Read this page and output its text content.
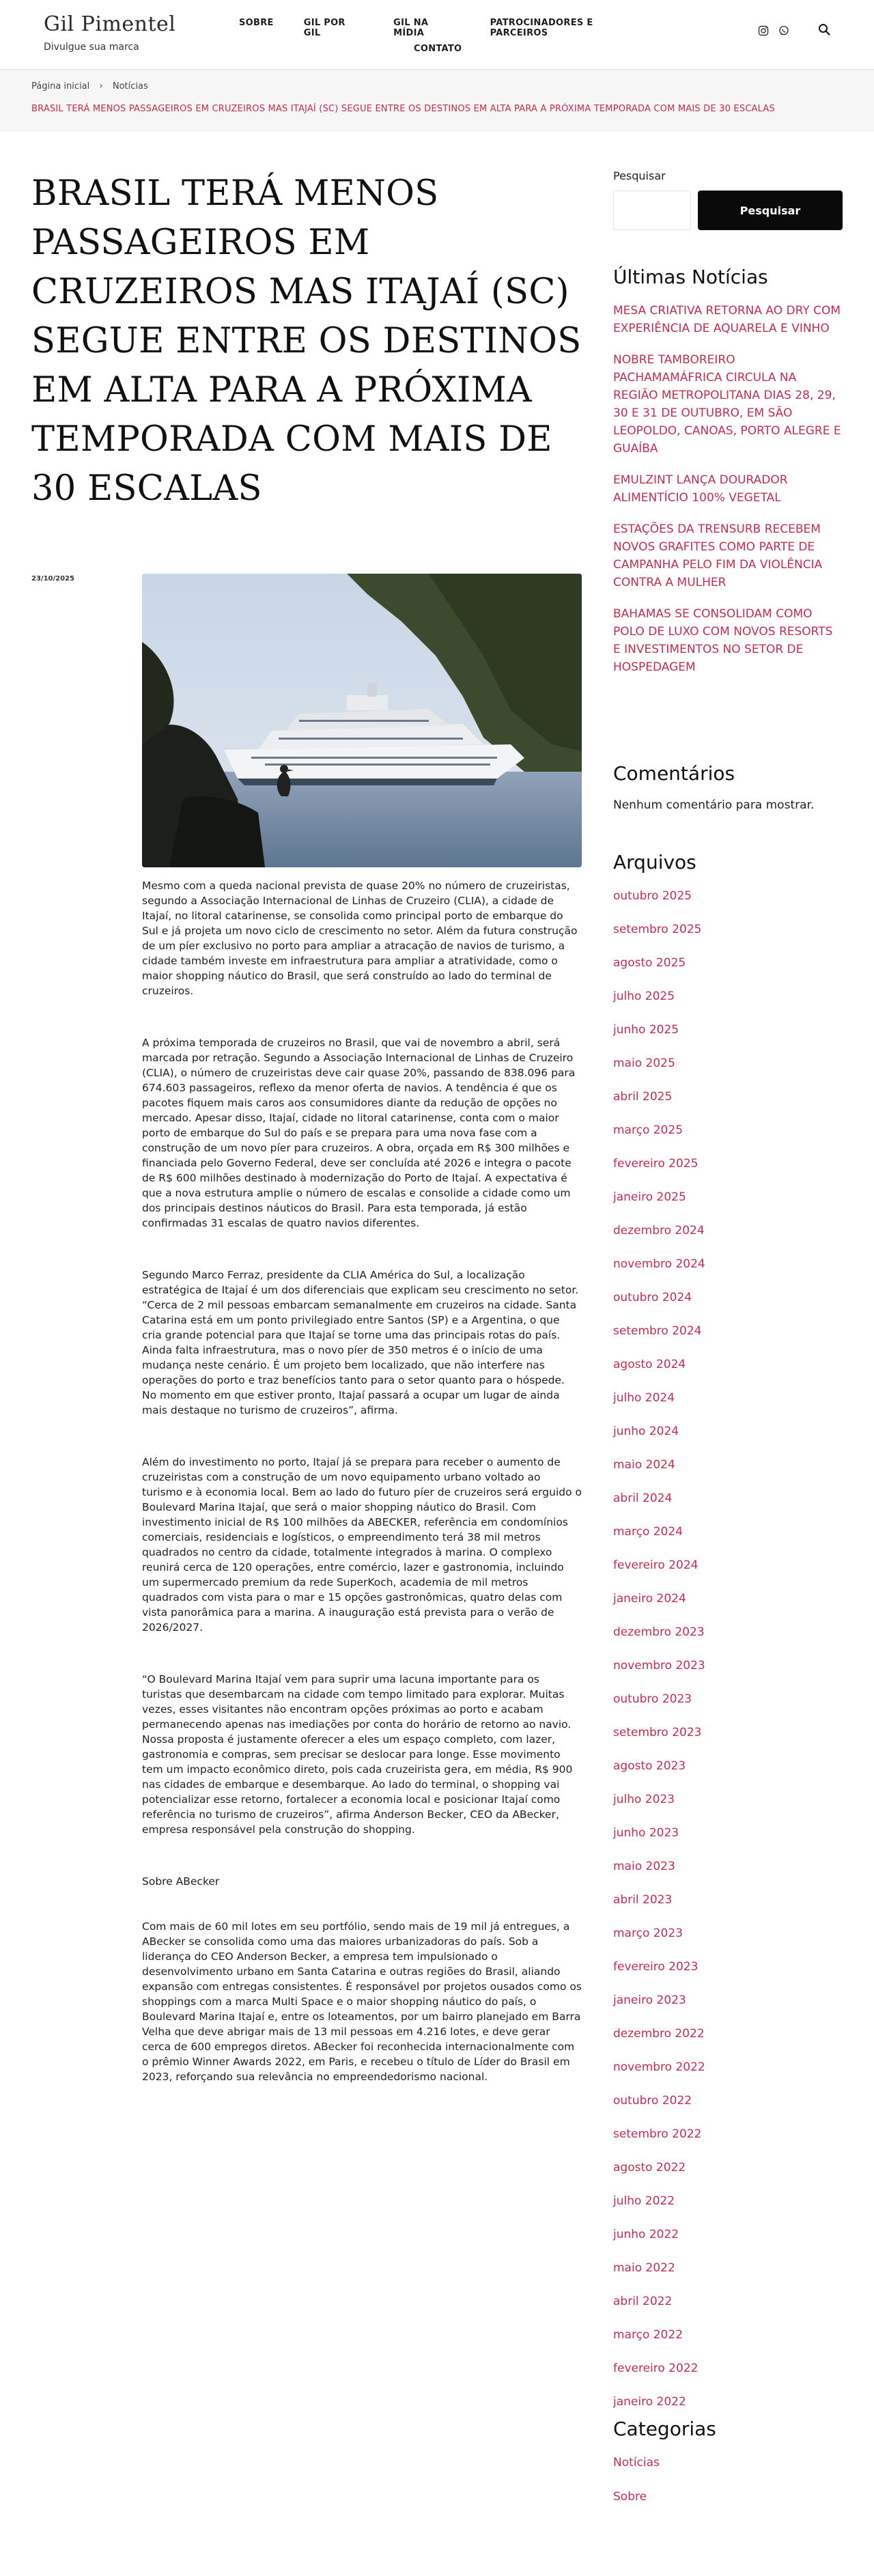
Gil Pimentel
Divulgue sua marca
SOBRE	GIL POR GIL
GIL NA MÍDIA
PATROCINADORES E PARCEIROS
CONTATO
Página inicial › Notícias
BRASIL TERÁ MENOS PASSAGEIROS EM CRUZEIROS MAS ITAJAÍ (SC) SEGUE ENTRE OS DESTINOS EM ALTA PARA A PRÓXIMA TEMPORADA COM MAIS DE 30 ESCALAS
BRASIL TERÁ MENOS PASSAGEIROS EM CRUZEIROS MAS ITAJAÍ (SC) SEGUE ENTRE OS DESTINOS EM ALTA PARA A PRÓXIMA TEMPORADA COM MAIS DE 30 ESCALAS
23/10/2025

Mesmo com a queda nacional prevista de quase 20% no número de cruzeiristas, segundo a Associação Internacional de Linhas de Cruzeiro (CLIA), a cidade de Itajaí, no litoral catarinense, se consolida como principal porto de embarque do Sul e já projeta um novo ciclo de crescimento no setor. Além da futura construção de um píer exclusivo no porto para ampliar a atracação de navios de turismo, a cidade também investe em infraestrutura para ampliar a atratividade, como o maior shopping náutico do Brasil, que será construído ao lado do terminal de cruzeiros.

A próxima temporada de cruzeiros no Brasil, que vai de novembro a abril, será marcada por retração. Segundo a Associação Internacional de Linhas de Cruzeiro (CLIA), o número de cruzeiristas deve cair quase 20%, passando de 838.096 para 674.603 passageiros, reflexo da menor oferta de navios. A tendência é que os pacotes fiquem mais caros aos consumidores diante da redução de opções no mercado. Apesar disso, Itajaí, cidade no litoral catarinense, conta com o maior porto de embarque do Sul do país e se prepara para uma nova fase com a construção de um novo píer para cruzeiros. A obra, orçada em R$ 300 milhões e financiada pelo Governo Federal, deve ser concluída até 2026 e integra o pacote de R$ 600 milhões destinado à modernização do Porto de Itajaí. A expectativa é que a nova estrutura amplie o número de escalas e consolide a cidade como um dos principais destinos náuticos do Brasil. Para esta temporada, já estão confirmadas 31 escalas de quatro navios diferentes.

Segundo Marco Ferraz, presidente da CLIA América do Sul, a localização estratégica de Itajaí é um dos diferenciais que explicam seu crescimento no setor. “Cerca de 2 mil pessoas embarcam semanalmente em cruzeiros na cidade. Santa Catarina está em um ponto privilegiado entre Santos (SP) e a Argentina, o que cria grande potencial para que Itajaí se torne uma das principais rotas do país. Ainda falta infraestrutura, mas o novo píer de 350 metros é o início de uma mudança neste cenário. É um projeto bem localizado, que não interfere nas operações do porto e traz benefícios tanto para o setor quanto para o hóspede. No momento em que estiver pronto, Itajaí passará a ocupar um lugar de ainda mais destaque no turismo de cruzeiros”, afirma.

Além do investimento no porto, Itajaí já se prepara para receber o aumento de cruzeiristas com a construção de um novo equipamento urbano voltado ao turismo e à economia local. Bem ao lado do futuro píer de cruzeiros será erguido o Boulevard Marina Itajaí, que será o maior shopping náutico do Brasil. Com investimento inicial de R$ 100 milhões da ABECKER, referência em condomínios comerciais, residenciais e logísticos, o empreendimento terá 38 mil metros quadrados no centro da cidade, totalmente integrados à marina. O complexo reunirá cerca de 120 operações, entre comércio, lazer e gastronomia, incluindo um supermercado premium da rede SuperKoch, academia de mil metros quadrados com vista para o mar e 15 opções gastronômicas, quatro delas com vista panorâmica para a marina. A inauguração está prevista para o verão de 2026/2027.

“O Boulevard Marina Itajaí vem para suprir uma lacuna importante para os turistas que desembarcam na cidade com tempo limitado para explorar. Muitas vezes, esses visitantes não encontram opções próximas ao porto e acabam permanecendo apenas nas imediações por conta do horário de retorno ao navio. Nossa proposta é justamente oferecer a eles um espaço completo, com lazer, gastronomia e compras, sem precisar se deslocar para longe. Esse movimento tem um impacto econômico direto, pois cada cruzeirista gera, em média, R$ 900 nas cidades de embarque e desembarque. Ao lado do terminal, o shopping vai potencializar esse retorno, fortalecer a economia local e posicionar Itajaí como referência no turismo de cruzeiros”, afirma Anderson Becker, CEO da ABecker, empresa responsável pela construção do shopping.

Sobre ABecker

Com mais de 60 mil lotes em seu portfólio, sendo mais de 19 mil já entregues, a ABecker se consolida como uma das maiores urbanizadoras do país. Sob a liderança do CEO Anderson Becker, a empresa tem impulsionado o desenvolvimento urbano em Santa Catarina e outras regiões do Brasil, aliando expansão com entregas consistentes. É responsável por projetos ousados como os shoppings com a marca Multi Space e o maior shopping náutico do país, o Boulevard Marina Itajaí e, entre os loteamentos, por um bairro planejado em Barra Velha que deve abrigar mais de 13 mil pessoas em 4.216 lotes, e deve gerar cerca de 600 empregos diretos. ABecker foi reconhecida internacionalmente com o prêmio Winner Awards 2022, em Paris, e recebeu o título de Líder do Brasil em 2023, reforçando sua relevância no empreendedorismo nacional.

Pesquisar
Pesquisar
Últimas Notícias
MESA CRIATIVA RETORNA AO DRY COM EXPERIÊNCIA DE AQUARELA E VINHO
NOBRE TAMBOREIRO PACHAMAMÁFRICA CIRCULA NA REGIÃO METROPOLITANA DIAS 28, 29, 30 E 31 DE OUTUBRO, EM SÃO LEOPOLDO, CANOAS, PORTO ALEGRE E GUAÍBA
EMULZINT LANÇA DOURADOR ALIMENTÍCIO 100% VEGETAL
ESTAÇÕES DA TRENSURB RECEBEM NOVOS GRAFITES COMO PARTE DE CAMPANHA PELO FIM DA VIOLÊNCIA CONTRA A MULHER
BAHAMAS SE CONSOLIDAM COMO POLO DE LUXO COM NOVOS RESORTS E INVESTIMENTOS NO SETOR DE HOSPEDAGEM
Comentários
Nenhum comentário para mostrar.
Arquivos
outubro 2025
setembro 2025
agosto 2025
julho 2025
junho 2025
maio 2025
abril 2025
março 2025
fevereiro 2025
janeiro 2025
dezembro 2024
novembro 2024
outubro 2024
setembro 2024
agosto 2024
julho 2024
junho 2024
maio 2024
abril 2024
março 2024
fevereiro 2024
janeiro 2024
dezembro 2023
novembro 2023
outubro 2023
setembro 2023
agosto 2023
julho 2023
junho 2023
maio 2023
abril 2023
março 2023
fevereiro 2023
janeiro 2023
dezembro 2022
novembro 2022
outubro 2022
setembro 2022
agosto 2022
julho 2022
junho 2022
maio 2022
abril 2022
março 2022
fevereiro 2022
janeiro 2022
Categorias
Notícias
Sobre
